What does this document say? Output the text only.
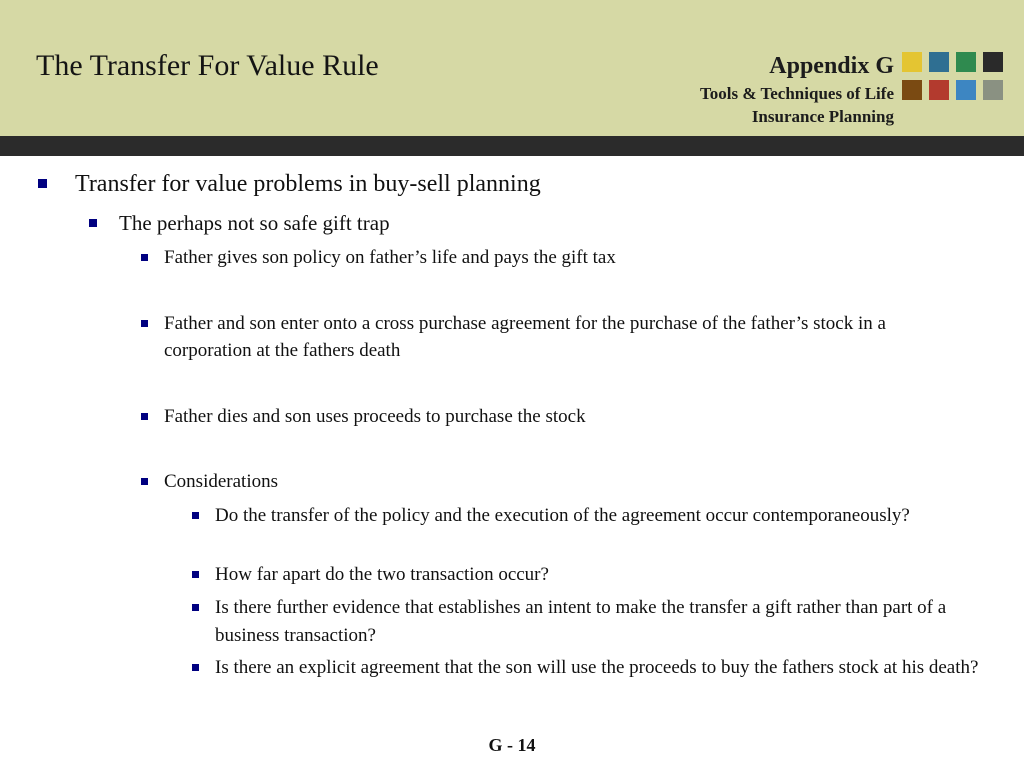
The Transfer For Value Rule	Appendix G
Tools & Techniques of Life
Insurance Planning
Transfer for value problems in buy-sell planning
The perhaps not so safe gift trap
Father gives son policy on father’s life and pays the gift tax
Father and son enter onto a cross purchase agreement for the purchase of the father’s stock in a corporation at the fathers death
Father dies and son uses proceeds to purchase the stock
Considerations
Do the transfer of the policy and the execution of the agreement occur contemporaneously?
How far apart do the two transaction occur?
Is there further evidence that establishes an intent to make the transfer a gift rather than part of a business transaction?
Is there an explicit agreement that the son will use the proceeds to buy the fathers stock at his death?
G - 14
